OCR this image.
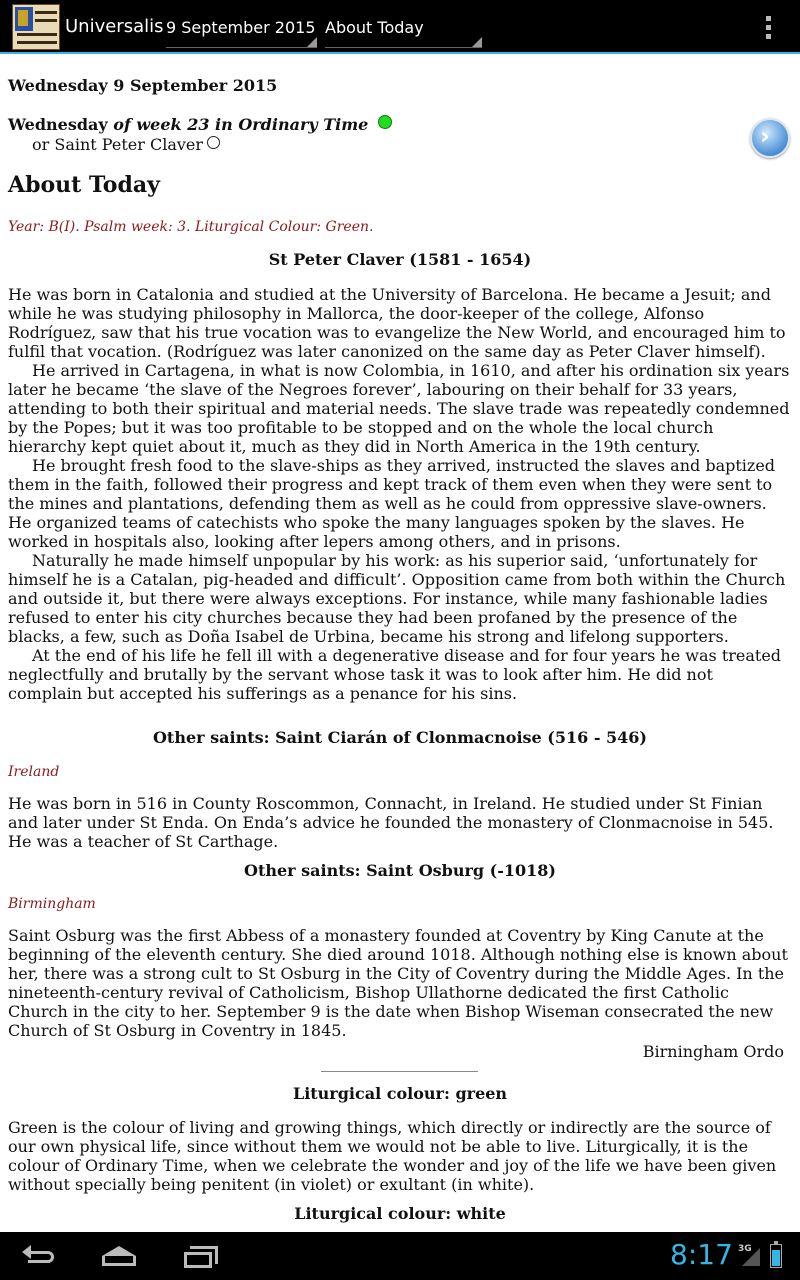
Universalis 9 September 2015 About Today
Wednesday 9 September 2015
Wednesday of week 23 in Ordinary Time
or Saint Peter Claver
About Today
Year: B(I). Psalm week: 3. Liturgical Colour: Green.
St Peter Claver (1581 - 1654)

He was born in Catalonia and studied at the University of Barcelona. He became a Jesuit; and while he was studying philosophy in Mallorca, the door-keeper of the college, Alfonso Rodríguez, saw that his true vocation was to evangelize the New World, and encouraged him to fulfil that vocation. (Rodríguez was later canonized on the same day as Peter Claver himself).

He arrived in Cartagena, in what is now Colombia, in 1610, and after his ordination six years later he became ‘the slave of the Negroes forever’, labouring on their behalf for 33 years, attending to both their spiritual and material needs. The slave trade was repeatedly condemned by the Popes; but it was too profitable to be stopped and on the whole the local church hierarchy kept quiet about it, much as they did in North America in the 19th century.

He brought fresh food to the slave-ships as they arrived, instructed the slaves and baptized them in the faith, followed their progress and kept track of them even when they were sent to the mines and plantations, defending them as well as he could from oppressive slave-owners. He organized teams of catechists who spoke the many languages spoken by the slaves. He worked in hospitals also, looking after lepers among others, and in prisons.

Naturally he made himself unpopular by his work: as his superior said, ‘unfortunately for himself he is a Catalan, pig-headed and difficult’. Opposition came from both within the Church and outside it, but there were always exceptions. For instance, while many fashionable ladies refused to enter his city churches because they had been profaned by the presence of the blacks, a few, such as Doña Isabel de Urbina, became his strong and lifelong supporters.

At the end of his life he fell ill with a degenerative disease and for four years he was treated neglectfully and brutally by the servant whose task it was to look after him. He did not complain but accepted his sufferings as a penance for his sins.

Other saints: Saint Ciarán of Clonmacnoise (516 - 546)
Ireland

He was born in 516 in County Roscommon, Connacht, in Ireland. He studied under St Finian and later under St Enda. On Enda’s advice he founded the monastery of Clonmacnoise in 545. He was a teacher of St Carthage.

Other saints: Saint Osburg (-1018)
Birmingham

Saint Osburg was the first Abbess of a monastery founded at Coventry by King Canute at the beginning of the eleventh century. She died around 1018. Although nothing else is known about her, there was a strong cult to St Osburg in the City of Coventry during the Middle Ages. In the nineteenth-century revival of Catholicism, Bishop Ullathorne dedicated the first Catholic Church in the city to her. September 9 is the date when Bishop Wiseman consecrated the new Church of St Osburg in Coventry in 1845.

Birningham Ordo
Liturgical colour: green

Green is the colour of living and growing things, which directly or indirectly are the source of our own physical life, since without them we would not be able to live. Liturgically, it is the colour of Ordinary Time, when we celebrate the wonder and joy of the life we have been given without specially being penitent (in violet) or exultant (in white).

Liturgical colour: white
›
8:17 3G
